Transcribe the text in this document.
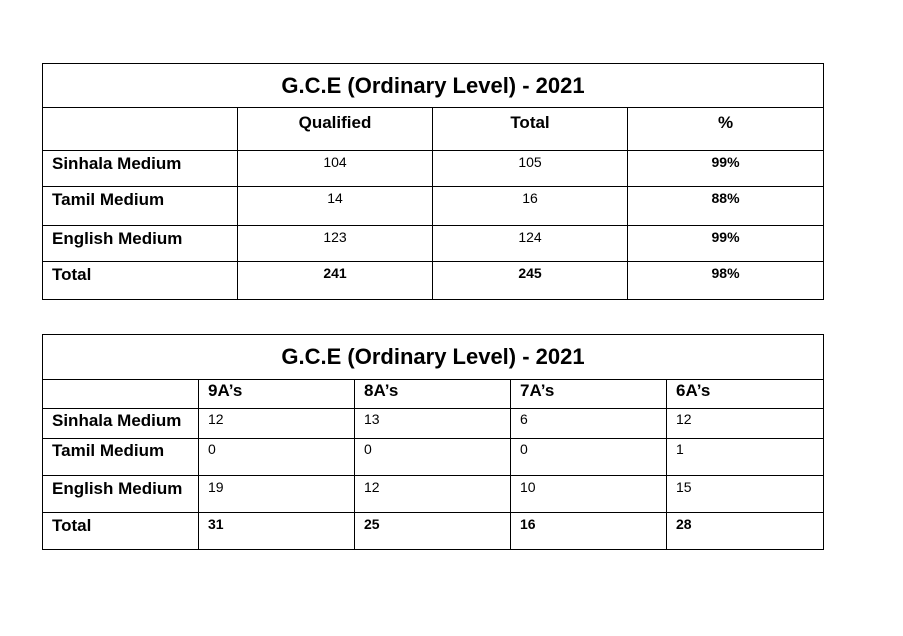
G.C.E (Ordinary Level) - 2021			
	Qualified	Total	%
Sinhala Medium	104	105	99%
Tamil Medium	14	16	88%
English Medium	123	124	99%
Total	241	245	98%
G.C.E (Ordinary Level) - 2021				
	9A’s	8A’s	7A’s	6A’s
Sinhala Medium	12	13	6	12
Tamil Medium	0	0	0	1
English Medium	19	12	10	15
Total	31	25	16	28
